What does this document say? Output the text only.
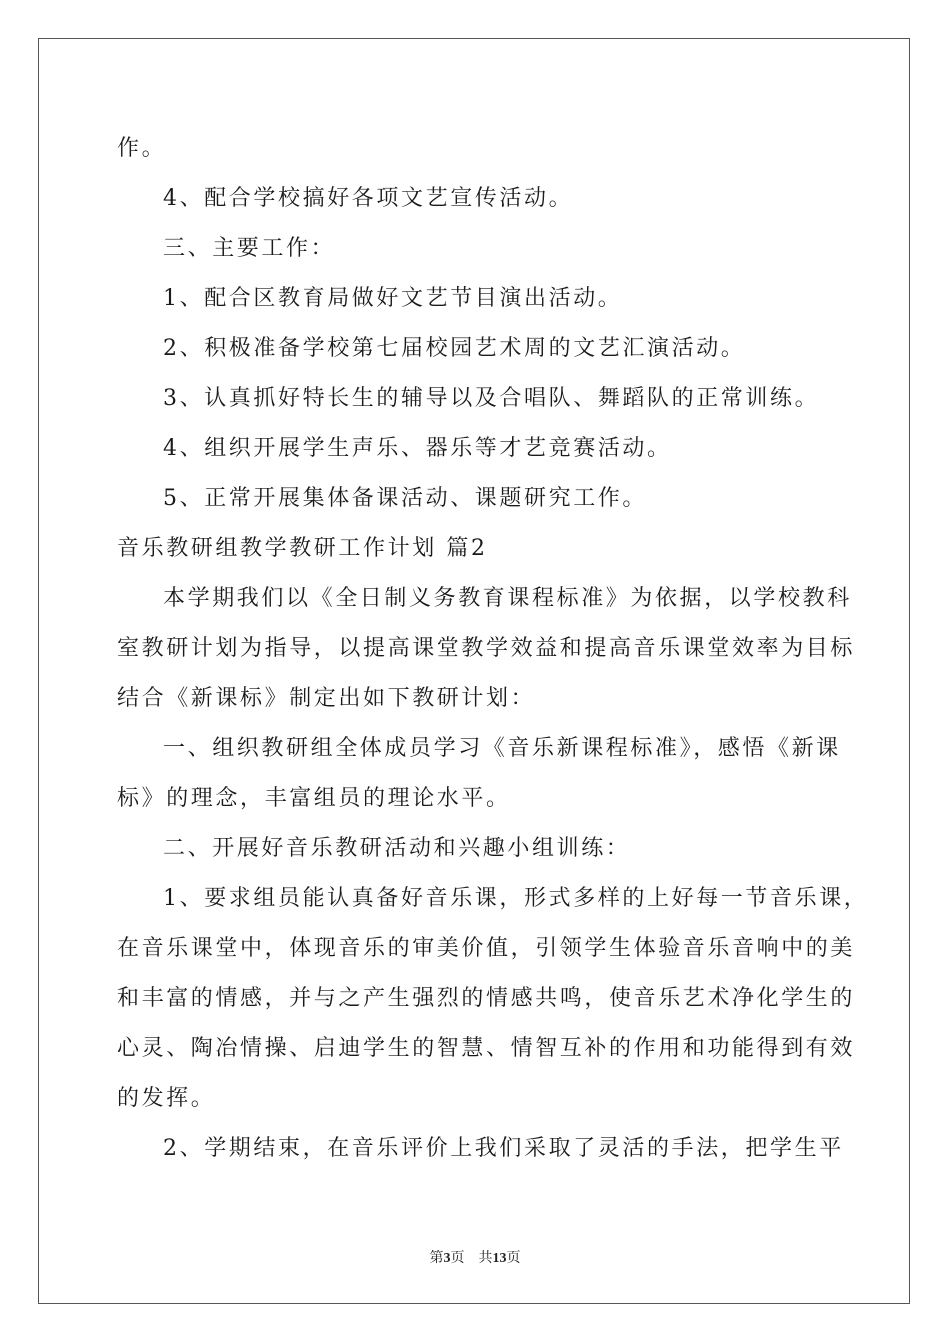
作。

4、配合学校搞好各项文艺宣传活动。

三、主要工作：

1、配合区教育局做好文艺节目演出活动。

2、积极准备学校第七届校园艺术周的文艺汇演活动。

3、认真抓好特长生的辅导以及合唱队、舞蹈队的正常训练。

4、组织开展学生声乐、器乐等才艺竞赛活动。

5、正常开展集体备课活动、课题研究工作。

音乐教研组教学教研工作计划 篇2

本学期我们以《全日制义务教育课程标准》为依据，以学校教科

室教研计划为指导，以提高课堂教学效益和提高音乐课堂效率为目标

结合《新课标》制定出如下教研计划：

一、组织教研组全体成员学习《音乐新课程标准》，感悟《新课

标》的理念，丰富组员的理论水平。

二、开展好音乐教研活动和兴趣小组训练：

1、要求组员能认真备好音乐课，形式多样的上好每一节音乐课，

在音乐课堂中，体现音乐的审美价值，引领学生体验音乐音响中的美

和丰富的情感，并与之产生强烈的情感共鸣，使音乐艺术净化学生的

心灵、陶冶情操、启迪学生的智慧、情智互补的作用和功能得到有效

的发挥。

2、学期结束，在音乐评价上我们采取了灵活的手法，把学生平

第3页　共13页
